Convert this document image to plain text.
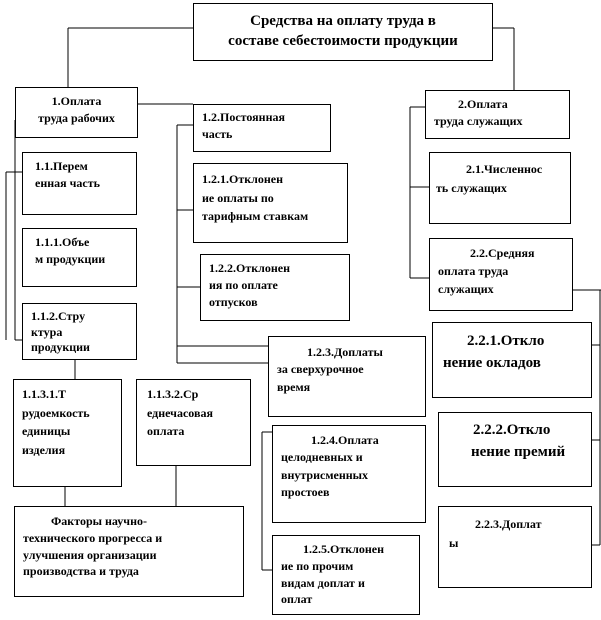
Средства на оплату труда в
составе себестоимости продукции
1.Оплата
труда рабочих
1.1.Перем
енная часть
1.1.1.Объе
м продукции
1.1.2.Стру
ктура
продукции
1.1.3.1.Т
рудоемкость
единицы
изделия
1.1.3.2.Ср
еднечасовая
оплата
Факторы научно-
технического прогресса и
улучшения организации
производства и труда
1.2.Постоянная
часть
1.2.1.Отклонен
ие оплаты по
тарифным ставкам
1.2.2.Отклонен
ия по оплате
отпусков
1.2.3.Доплаты
за сверхурочное
время
1.2.4.Оплата
целодневных и
внутрисменных
простоев
1.2.5.Отклонен
ие по прочим
видам доплат и
оплат
2.Оплата
труда служащих
2.1.Численнос
ть служащих
2.2.Средняя
оплата труда
служащих
2.2.1.Откло
нение окладов
2.2.2.Откло
нение премий
2.2.3.Доплат
ы
